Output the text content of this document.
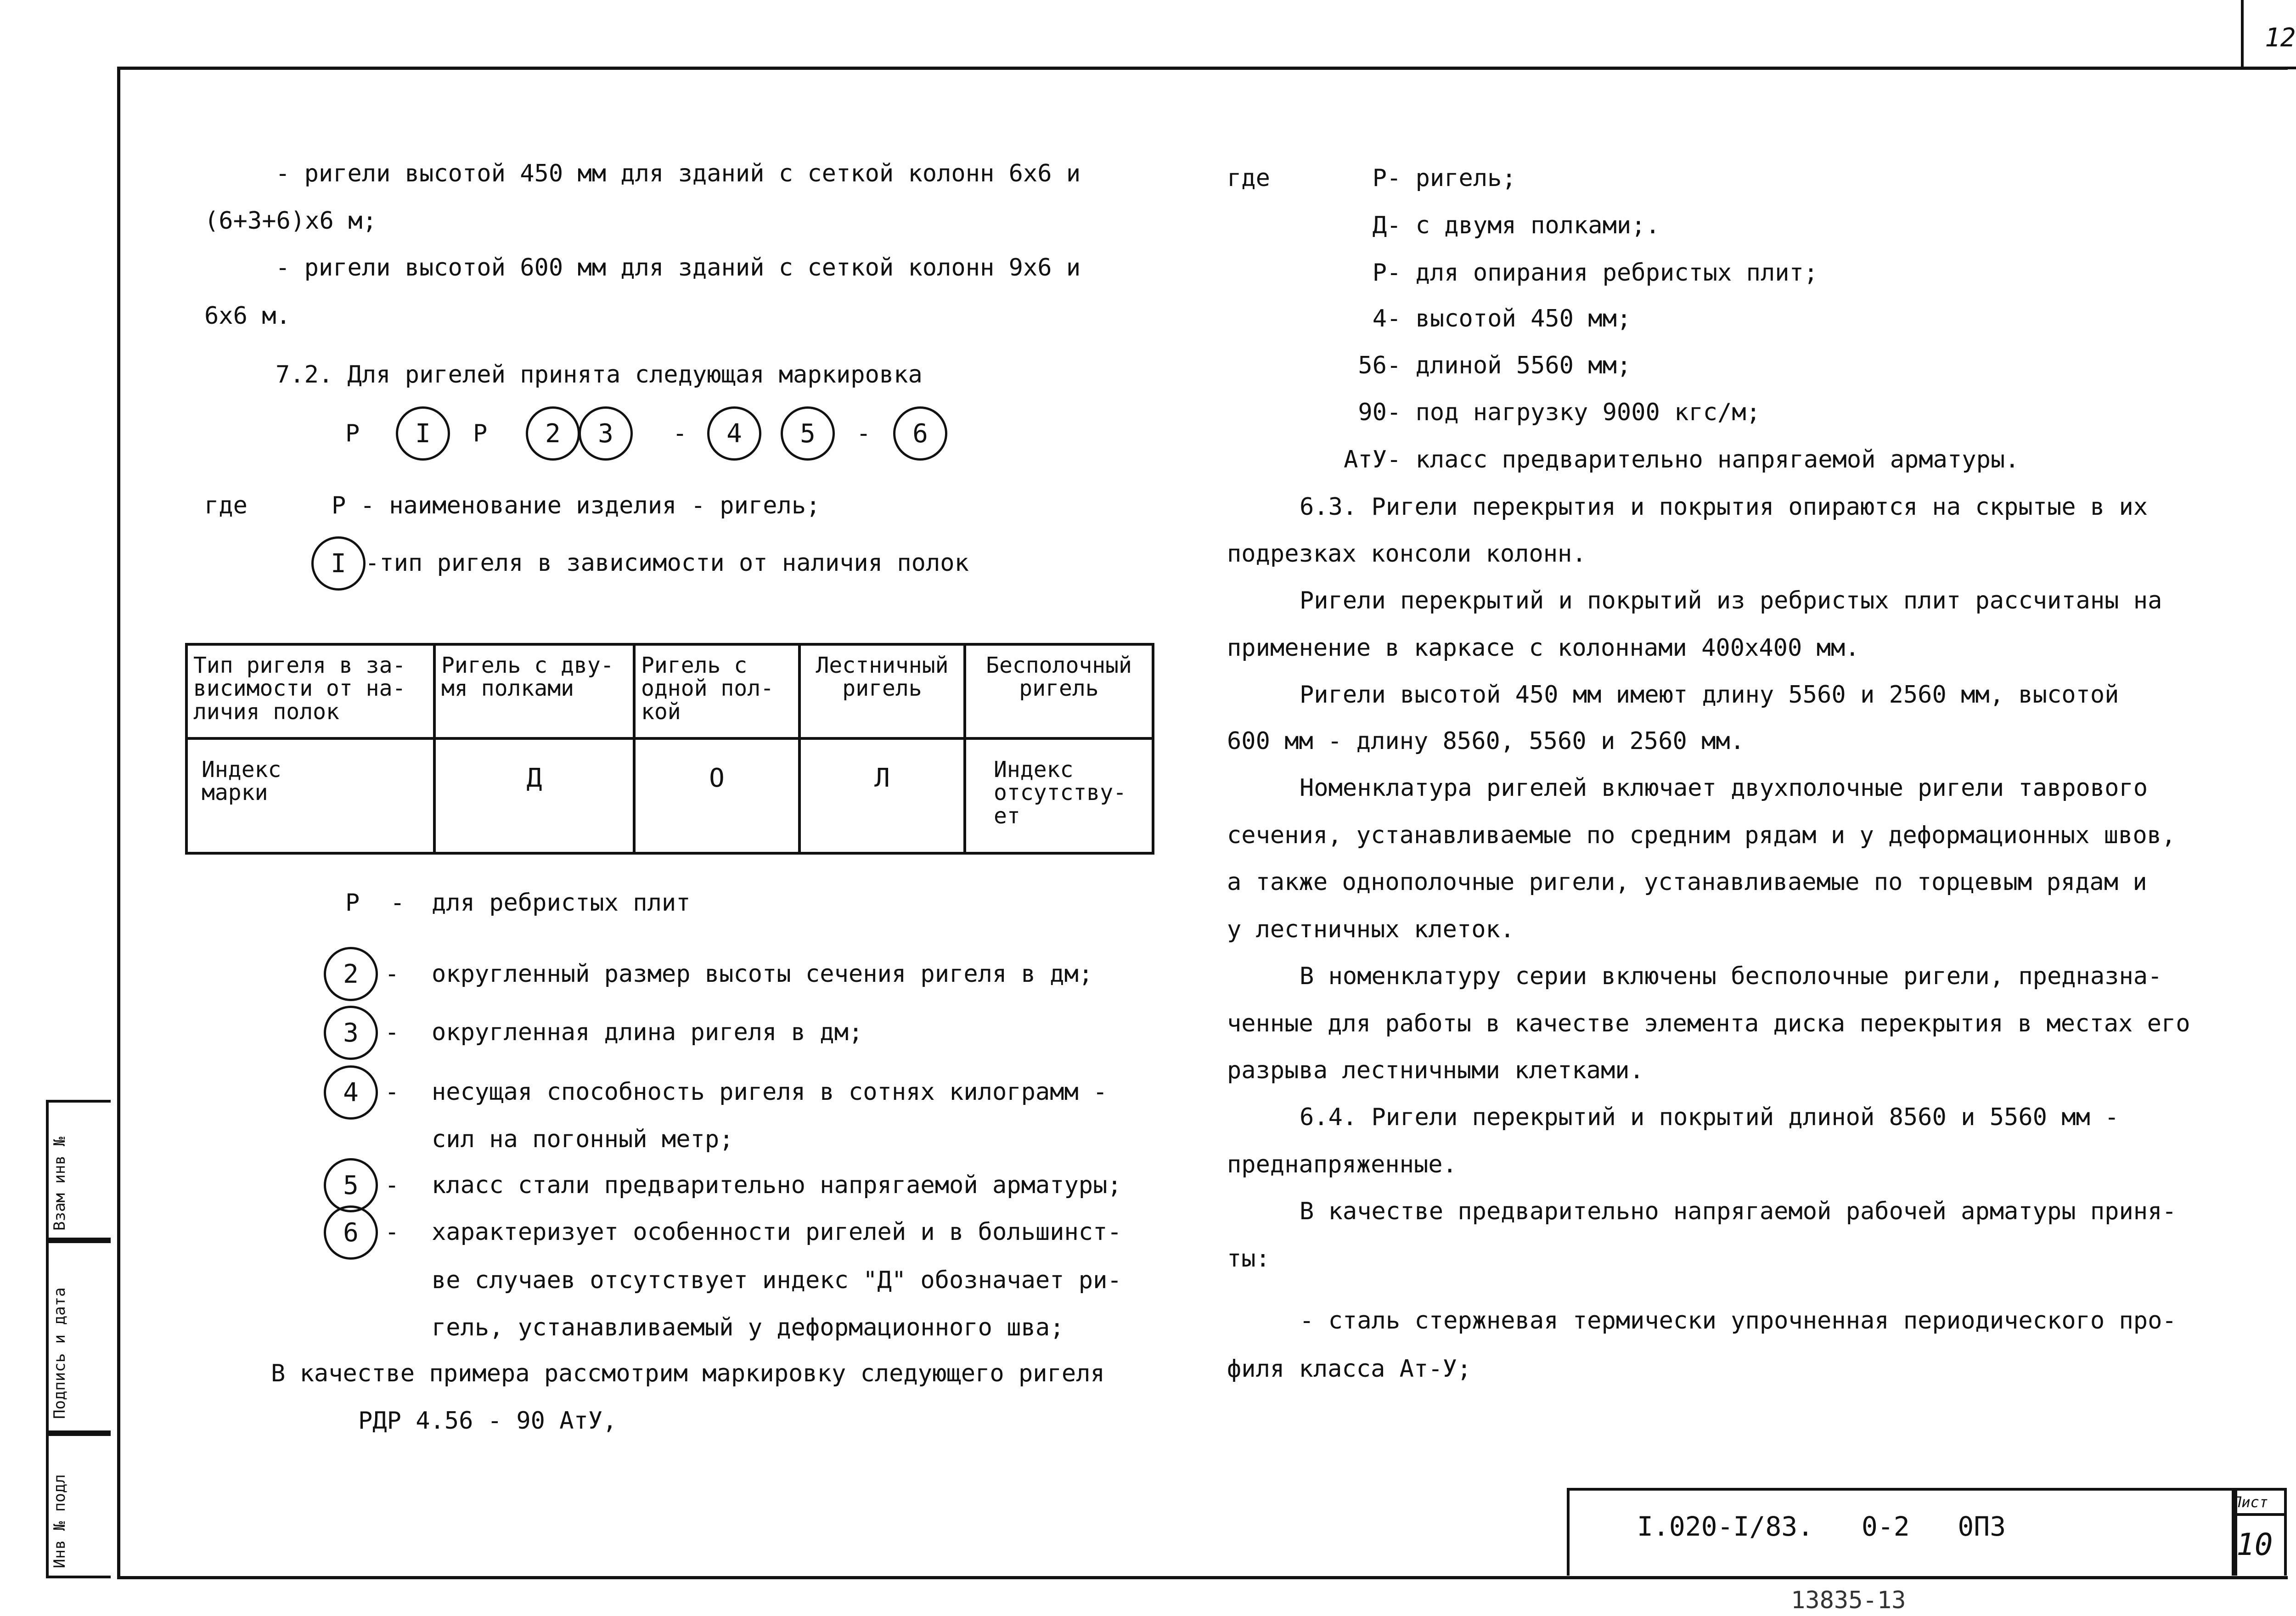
12
I.020-I/83.   0-2   0ПЗ
Лист
10
13835-13
Инв № подл
Подпись и дата
Взам инв №
- ригели высотой 450 мм для зданий с сеткой колонн 6х6 и
(6+3+6)х6 м;
- ригели высотой 600 мм для зданий с сеткой колонн 9х6 и
6х6 м.
7.2. Для ригелей принята следующая маркировка
Р	I	Р	2	3	-	4	5	-	6
где	Р - наименование изделия - ригель;
I -тип ригеля в зависимости от наличия полок
Тип ригеля в за- висимости от на- личия полок	Ригель с дву- мя полками	Ригель с одной пол- кой	Лестничный ригель	Бесполочный ригель

Индекс марки	Д	О	Л	Индекс отсутству- ет
Р - для ребристых плит
2	- округленный размер высоты сечения ригеля в дм;
3	- округленная длина ригеля в дм;
4	- несущая способность ригеля в сотнях килограмм -
сил на погонный метр;
5	- класс стали предварительно напрягаемой арматуры;
6	- характеризует особенности ригелей и в большинст-
ве случаев отсутствует индекс "Д" обозначает ри-
гель, устанавливаемый у деформационного шва;
В качестве примера рассмотрим маркировку следующего ригеля
РДР 4.56 - 90 АтУ,
где	Р - ригель;
Д - с двумя полками;.
Р - для опирания ребристых плит;
4 - высотой 450 мм;
56 - длиной 5560 мм;
90 - под нагрузку 9000 кгс/м;
АтУ - класс предварительно напрягаемой арматуры.
6.3. Ригели перекрытия и покрытия опираются на скрытые в их
подрезках консоли колонн.
Ригели перекрытий и покрытий из ребристых плит рассчитаны на
применение в каркасе с колоннами 400х400 мм.
Ригели высотой 450 мм имеют длину 5560 и 2560 мм, высотой
600 мм - длину 8560, 5560 и 2560 мм.
Номенклатура ригелей включает двухполочные ригели таврового
сечения, устанавливаемые по средним рядам и у деформационных швов,
а также однополочные ригели, устанавливаемые по торцевым рядам и
у лестничных клеток.
В номенклатуру серии включены бесполочные ригели, предназна-
ченные для работы в качестве элемента диска перекрытия в местах его
разрыва лестничными клетками.
6.4. Ригели перекрытий и покрытий длиной 8560 и 5560 мм -
преднапряженные.
В качестве предварительно напрягаемой рабочей арматуры приня-
ты:
- сталь стержневая термически упрочненная периодического про-
филя класса Ат-У;
